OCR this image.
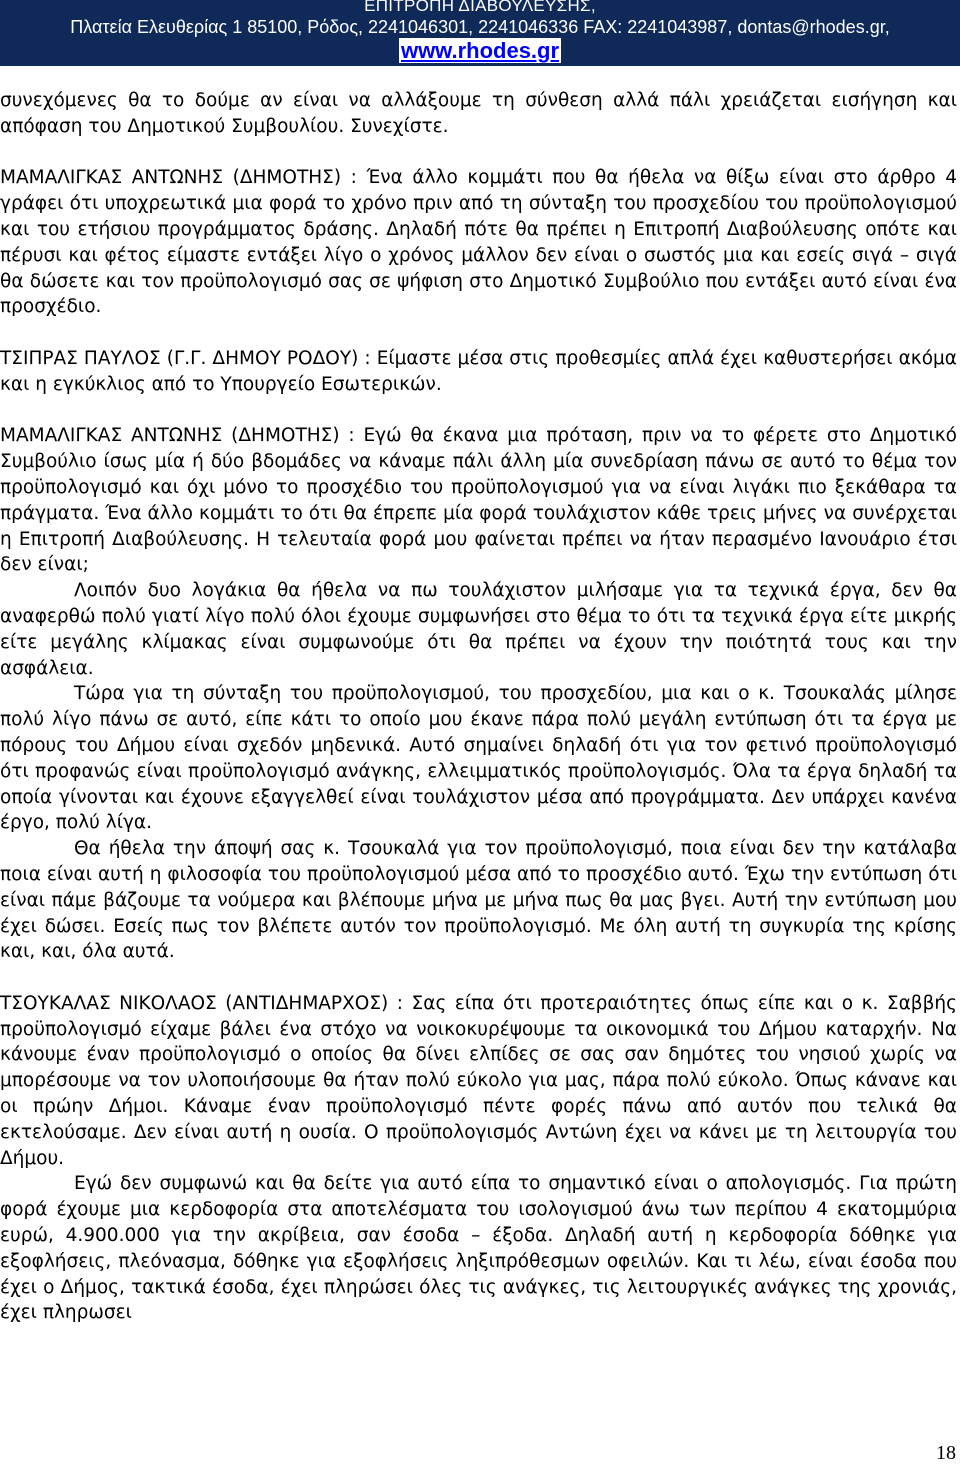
ΕΠΙΤΡΟΠΗ ΔΙΑΒΟΥΛΕΥΣΗΣ,
Πλατεία Ελευθερίας 1 85100, Ρόδος, 2241046301, 2241046336 FAX: 2241043987, dontas@rhodes.gr,
www.rhodes.gr

συνεχόμενες θα το δούμε αν είναι να αλλάξουμε τη σύνθεση αλλά πάλι χρειάζεται εισήγηση και απόφαση του Δημοτικού Συμβουλίου. Συνεχίστε.

ΜΑΜΑΛΙΓΚΑΣ ΑΝΤΩΝΗΣ (ΔΗΜΟΤΗΣ) : Ένα άλλο κομμάτι που θα ήθελα να θίξω είναι στο άρθρο 4 γράφει ότι υποχρεωτικά μια φορά το χρόνο πριν από τη σύνταξη του προσχεδίου του προϋπολογισμού και του ετήσιου προγράμματος δράσης. Δηλαδή πότε θα πρέπει η Επιτροπή Διαβούλευσης οπότε και πέρυσι και φέτος είμαστε εντάξει λίγο ο χρόνος μάλλον δεν είναι ο σωστός μια και εσείς σιγά – σιγά θα δώσετε και τον προϋπολογισμό σας σε ψήφιση στο Δημοτικό Συμβούλιο που εντάξει αυτό είναι ένα προσχέδιο.

ΤΣΙΠΡΑΣ ΠΑΥΛΟΣ (Γ.Γ. ΔΗΜΟΥ ΡΟΔΟΥ) : Είμαστε μέσα στις προθεσμίες απλά έχει καθυστερήσει ακόμα και η εγκύκλιος από το Υπουργείο Εσωτερικών.

ΜΑΜΑΛΙΓΚΑΣ ΑΝΤΩΝΗΣ (ΔΗΜΟΤΗΣ) : Εγώ θα έκανα μια πρόταση, πριν να το φέρετε στο Δημοτικό Συμβούλιο ίσως μία ή δύο βδομάδες να κάναμε πάλι άλλη μία συνεδρίαση πάνω σε αυτό το θέμα τον προϋπολογισμό και όχι μόνο το προσχέδιο του προϋπολογισμού για να είναι λιγάκι πιο ξεκάθαρα τα πράγματα. Ένα άλλο κομμάτι το ότι θα έπρεπε μία φορά τουλάχιστον κάθε τρεις μήνες να συνέρχεται η Επιτροπή Διαβούλευσης. Η τελευταία φορά μου φαίνεται πρέπει να ήταν περασμένο Ιανουάριο έτσι δεν είναι;

Λοιπόν δυο λογάκια θα ήθελα να πω τουλάχιστον μιλήσαμε για τα τεχνικά έργα, δεν θα αναφερθώ πολύ γιατί λίγο πολύ όλοι έχουμε συμφωνήσει στο θέμα το ότι τα τεχνικά έργα είτε μικρής είτε μεγάλης κλίμακας είναι συμφωνούμε ότι θα πρέπει να έχουν την ποιότητά τους και την ασφάλεια.

Τώρα για τη σύνταξη του προϋπολογισμού, του προσχεδίου, μια και ο κ. Τσουκαλάς μίλησε πολύ λίγο πάνω σε αυτό, είπε κάτι το οποίο μου έκανε πάρα πολύ μεγάλη εντύπωση ότι τα έργα με πόρους του Δήμου είναι σχεδόν μηδενικά. Αυτό σημαίνει δηλαδή ότι για τον φετινό προϋπολογισμό ότι προφανώς είναι προϋπολογισμό ανάγκης, ελλειμματικός προϋπολογισμός. Όλα τα έργα δηλαδή τα οποία γίνονται και έχουνε εξαγγελθεί είναι τουλάχιστον μέσα από προγράμματα. Δεν υπάρχει κανένα έργο, πολύ λίγα.

Θα ήθελα την άποψή σας κ. Τσουκαλά για τον προϋπολογισμό, ποια είναι δεν την κατάλαβα ποια είναι αυτή η φιλοσοφία του προϋπολογισμού μέσα από το προσχέδιο αυτό. Έχω την εντύπωση ότι είναι πάμε βάζουμε τα νούμερα και βλέπουμε μήνα με μήνα πως θα μας βγει. Αυτή την εντύπωση μου έχει δώσει. Εσείς πως τον βλέπετε αυτόν τον προϋπολογισμό. Με όλη αυτή τη συγκυρία της κρίσης και, και, όλα αυτά.

ΤΣΟΥΚΑΛΑΣ ΝΙΚΟΛΑΟΣ (ΑΝΤΙΔΗΜΑΡΧΟΣ) : Σας είπα ότι προτεραιότητες όπως είπε και ο κ. Σαββής προϋπολογισμό είχαμε βάλει ένα στόχο να νοικοκυρέψουμε τα οικονομικά του Δήμου καταρχήν. Να κάνουμε έναν προϋπολογισμό ο οποίος θα δίνει ελπίδες σε σας σαν δημότες του νησιού χωρίς να μπορέσουμε να τον υλοποιήσουμε θα ήταν πολύ εύκολο για μας, πάρα πολύ εύκολο. Όπως κάνανε και οι πρώην Δήμοι. Κάναμε έναν προϋπολογισμό πέντε φορές πάνω από αυτόν που τελικά θα εκτελούσαμε. Δεν είναι αυτή η ουσία. Ο προϋπολογισμός Αντώνη έχει να κάνει με τη λειτουργία του Δήμου.

Εγώ δεν συμφωνώ και θα δείτε για αυτό είπα το σημαντικό είναι ο απολογισμός. Για πρώτη φορά έχουμε μια κερδοφορία στα αποτελέσματα του ισολογισμού άνω των περίπου 4 εκατομμύρια ευρώ, 4.900.000 για την ακρίβεια, σαν έσοδα – έξοδα. Δηλαδή αυτή η κερδοφορία δόθηκε για εξοφλήσεις, πλεόνασμα, δόθηκε για εξοφλήσεις ληξιπρόθεσμων οφειλών. Και τι λέω, είναι έσοδα που έχει ο Δήμος, τακτικά έσοδα, έχει πληρώσει όλες τις ανάγκες, τις λειτουργικές ανάγκες της χρονιάς, έχει πληρωσει

18
